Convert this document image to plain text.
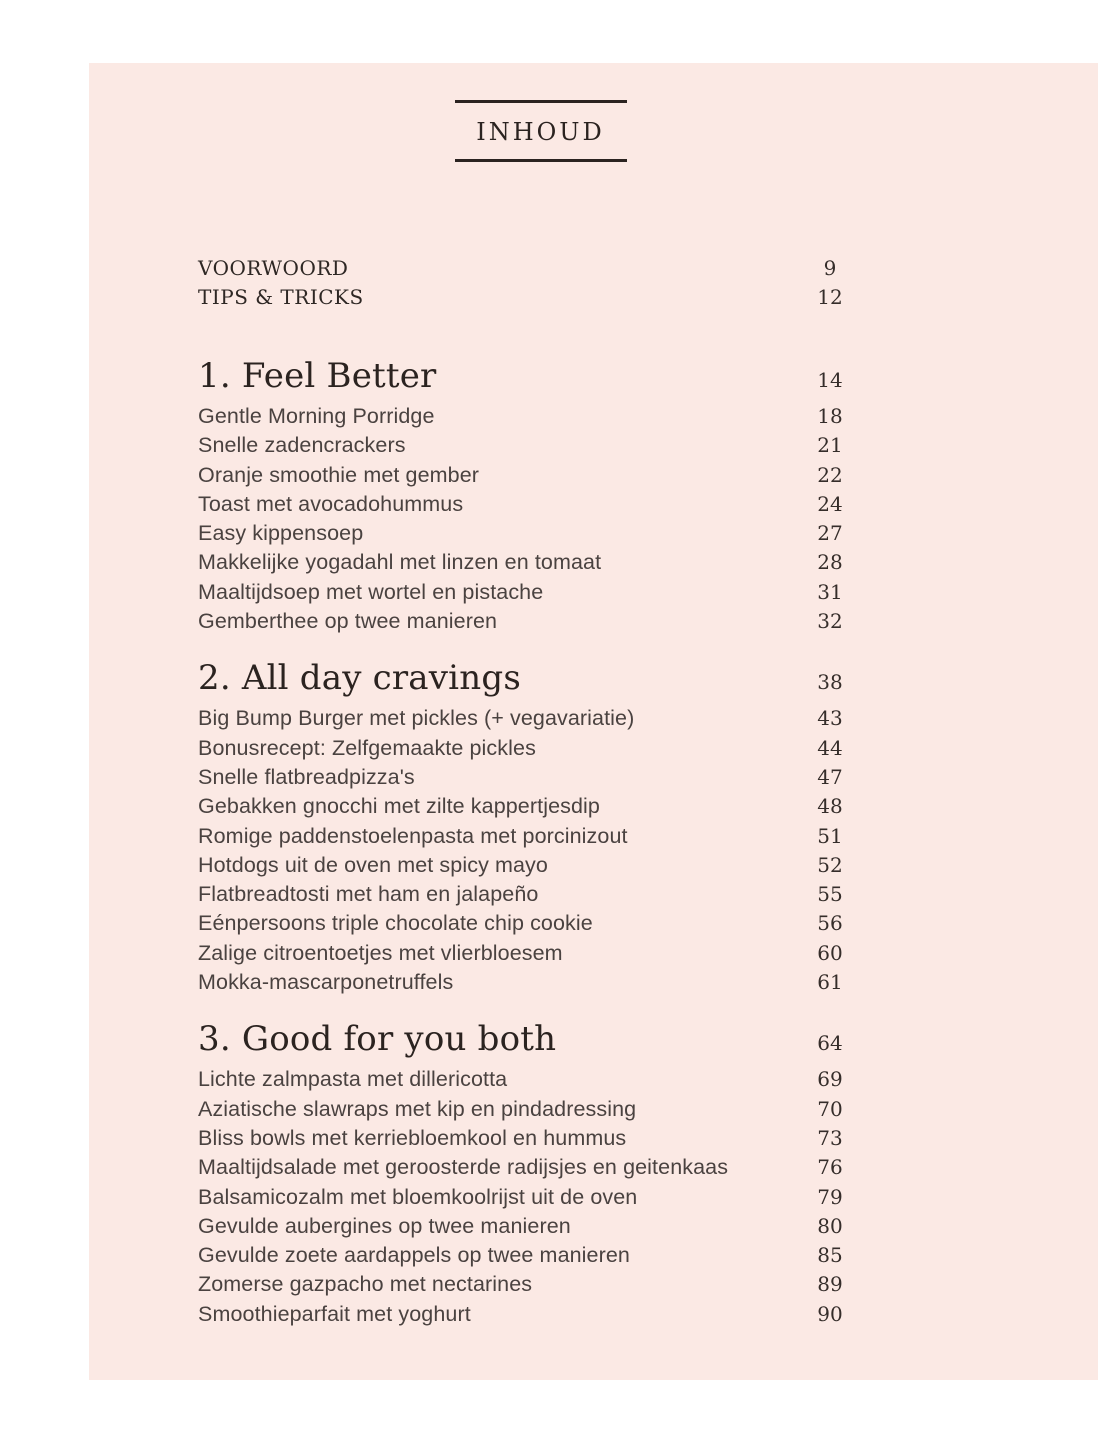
INHOUD
VOORWOORD	9
TIPS & TRICKS	12
1. Feel Better	14
Gentle Morning Porridge	18
Snelle zadencrackers	21
Oranje smoothie met gember	22
Toast met avocadohummus	24
Easy kippensoep	27
Makkelijke yogadahl met linzen en tomaat	28
Maaltijdsoep met wortel en pistache	31
Gemberthee op twee manieren	32
2. All day cravings	38
Big Bump Burger met pickles (+ vegavariatie)	43
Bonusrecept: Zelfgemaakte pickles	44
Snelle flatbreadpizza's	47
Gebakken gnocchi met zilte kappertjesdip	48
Romige paddenstoelenpasta met porcinizout	51
Hotdogs uit de oven met spicy mayo	52
Flatbreadtosti met ham en jalapeño	55
Eénpersoons triple chocolate chip cookie	56
Zalige citroentoetjes met vlierbloesem	60
Mokka-mascarponetruffels	61
3. Good for you both	64
Lichte zalmpasta met dillericotta	69
Aziatische slawraps met kip en pindadressing	70
Bliss bowls met kerriebloemkool en hummus	73
Maaltijdsalade met geroosterde radijsjes en geitenkaas	76
Balsamicozalm met bloemkoolrijst uit de oven	79
Gevulde aubergines op twee manieren	80
Gevulde zoete aardappels op twee manieren	85
Zomerse gazpacho met nectarines	89
Smoothieparfait met yoghurt	90
